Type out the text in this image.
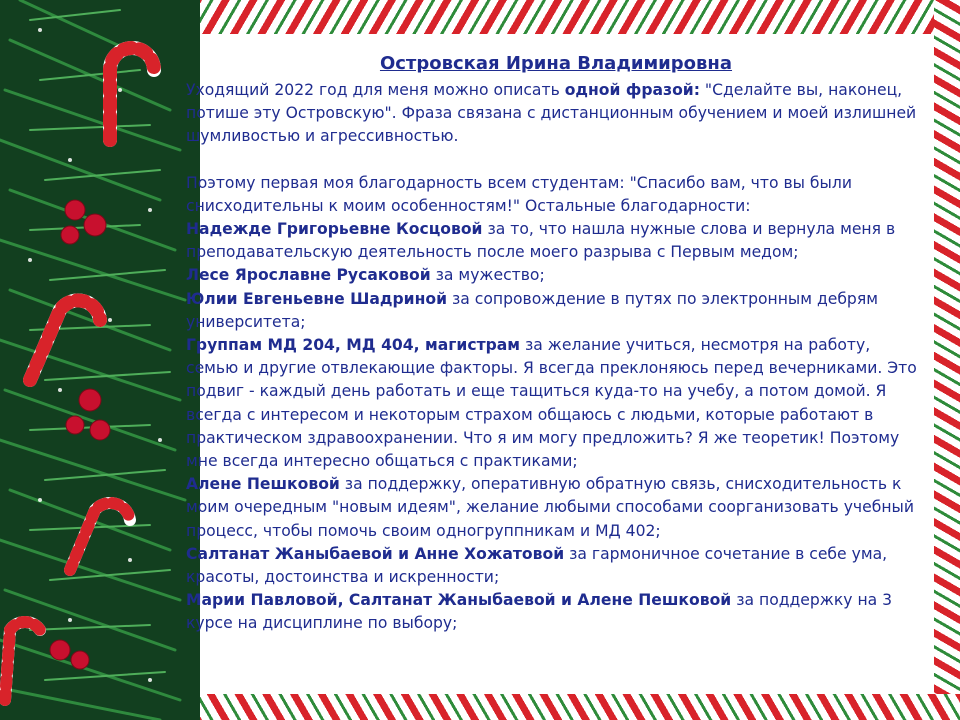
Островская Ирина Владимировна

Уходящий 2022 год для меня можно описать одной фразой: "Сделайте вы, наконец, потише эту Островскую". Фраза связана с дистанционным обучением и моей излишней шумливостью и агрессивностью.

Поэтому первая моя благодарность всем студентам: "Спасибо вам, что вы были снисходительны к моим особенностям!" Остальные благодарности:

Надежде Григорьевне Косцовой за то, что нашла нужные слова и вернула меня в преподавательскую деятельность после моего разрыва с Первым медом;

Лесе Ярославне Русаковой за мужество;

Юлии Евгеньевне Шадриной за сопровождение в путях по электронным дебрям университета;

Группам МД 204, МД 404, магистрам за желание учиться, несмотря на работу, семью и другие отвлекающие факторы. Я всегда преклоняюсь перед вечерниками. Это подвиг - каждый день работать и еще тащиться куда-то на учебу, а потом домой. Я всегда с интересом и некоторым страхом общаюсь с людьми, которые работают в практическом здравоохранении. Что я им могу предложить? Я же теоретик! Поэтому мне всегда интересно общаться с практиками;

Алене Пешковой за поддержку, оперативную обратную связь, снисходительность к моим очередным "новым идеям", желание любыми способами соорганизовать учебный процесс, чтобы помочь своим одногруппникам и МД 402;

Салтанат Жаныбаевой и Анне Хожатовой за гармоничное сочетание в себе ума, красоты, достоинства и искренности;

Марии Павловой, Салтанат Жаныбаевой и Алене Пешковой за поддержку на 3 курсе на дисциплине по выбору;
